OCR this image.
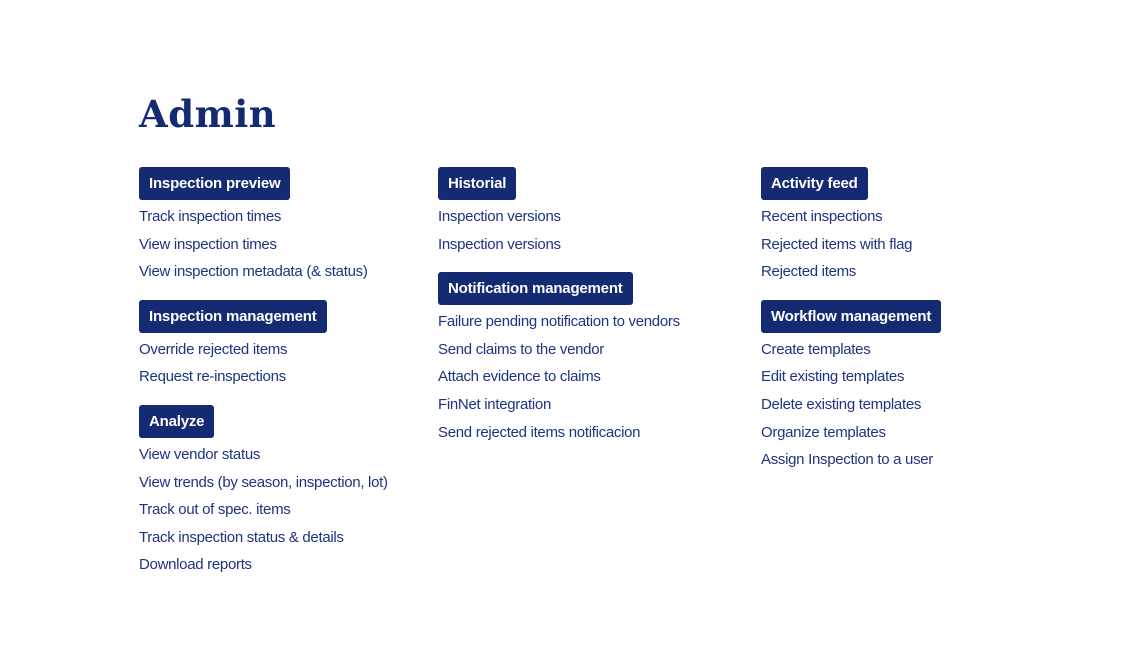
Admin
Inspection preview
Track inspection times
View inspection times
View inspection metadata (& status)
Inspection management
Override rejected items
Request re-inspections
Analyze
View vendor status
View trends (by season, inspection, lot)
Track out of spec. items
Track inspection status & details
Download reports
Historial
Inspection versions
Inspection versions
Notification management
Failure pending notification to vendors
Send claims to the vendor
Attach evidence to claims
FinNet integration
Send rejected items notificacion
Activity feed
Recent inspections
Rejected items with flag
Rejected items
Workflow management
Create templates
Edit existing templates
Delete existing templates
Organize templates
Assign Inspection to a user
